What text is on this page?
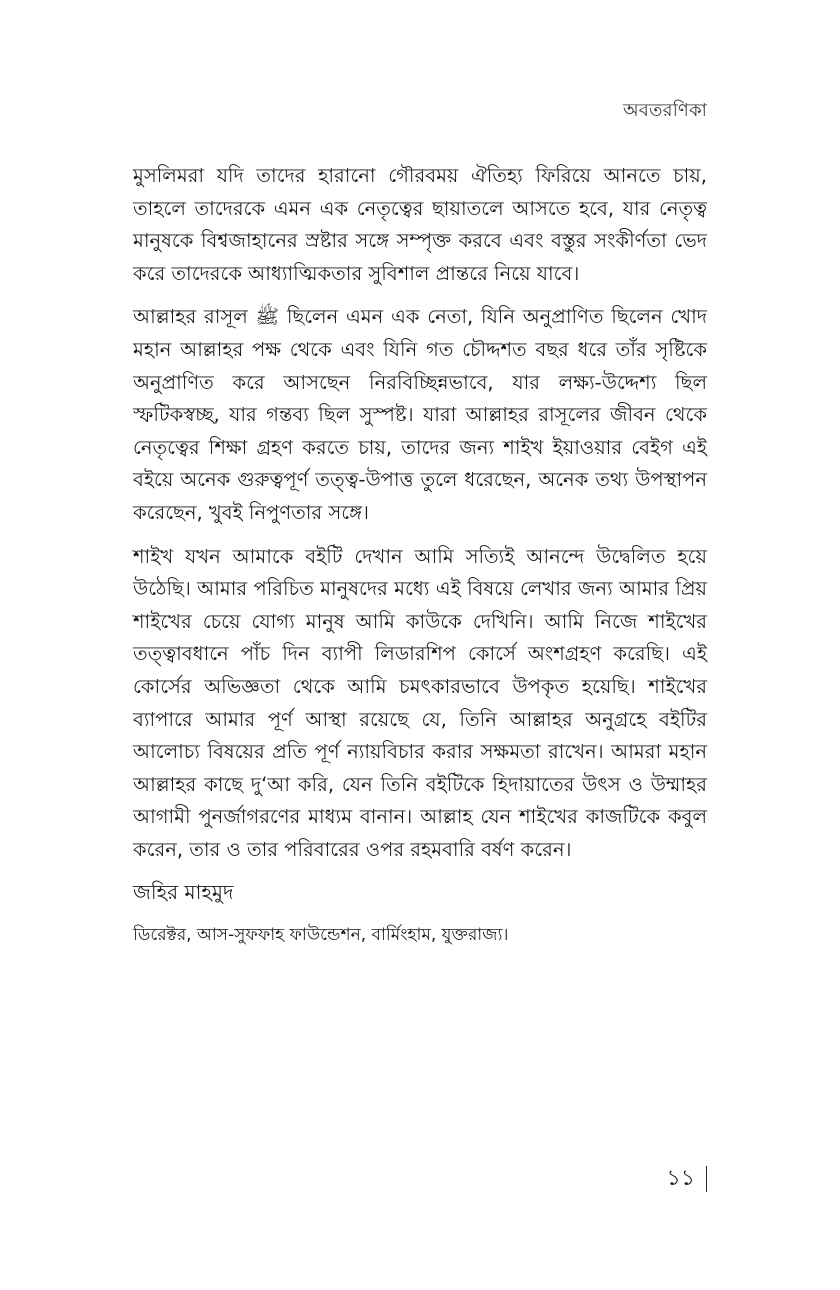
অবতরণিকা

মুসলিমরা যদি তাদের হারানো গৌরবময় ঐতিহ্য ফিরিয়ে আনতে চায়, তাহলে তাদেরকে এমন এক নেতৃত্বের ছায়াতলে আসতে হবে, যার নেতৃত্ব মানুষকে বিশ্বজাহানের স্রষ্টার সঙ্গে সম্পৃক্ত করবে এবং বস্তুর সংকীর্ণতা ভেদ করে তাদেরকে আধ্যাত্মিকতার সুবিশাল প্রান্তরে নিয়ে যাবে।

আল্লাহর রাসূল ﷺ ছিলেন এমন এক নেতা, যিনি অনুপ্রাণিত ছিলেন খোদ মহান আল্লাহর পক্ষ থেকে এবং যিনি গত চৌদ্দশত বছর ধরে তাঁর সৃষ্টিকে অনুপ্রাণিত করে আসছেন নিরবিচ্ছিন্নভাবে, যার লক্ষ্য-উদ্দেশ্য ছিল স্ফটিকস্বচ্ছ, যার গন্তব্য ছিল সুস্পষ্ট। যারা আল্লাহর রাসূলের জীবন থেকে নেতৃত্বের শিক্ষা গ্রহণ করতে চায়, তাদের জন্য শাইখ ইয়াওয়ার বেইগ এই বইয়ে অনেক গুরুত্বপূর্ণ তত্ত্ব-উপাত্ত তুলে ধরেছেন, অনেক তথ্য উপস্থাপন করেছেন, খুবই নিপুণতার সঙ্গে।

শাইখ যখন আমাকে বইটি দেখান আমি সত্যিই আনন্দে উদ্বেলিত হয়ে উঠেছি। আমার পরিচিত মানুষদের মধ্যে এই বিষয়ে লেখার জন্য আমার প্রিয় শাইখের চেয়ে যোগ্য মানুষ আমি কাউকে দেখিনি। আমি নিজে শাইখের তত্ত্বাবধানে পাঁচ দিন ব্যাপী লিডারশিপ কোর্সে অংশগ্রহণ করেছি। এই কোর্সের অভিজ্ঞতা থেকে আমি চমৎকারভাবে উপকৃত হয়েছি। শাইখের ব্যাপারে আমার পূর্ণ আস্থা রয়েছে যে, তিনি আল্লাহর অনুগ্রহে বইটির আলোচ্য বিষয়ের প্রতি পূর্ণ ন্যায়বিচার করার সক্ষমতা রাখেন। আমরা মহান আল্লাহর কাছে দু‘আ করি, যেন তিনি বইটিকে হিদায়াতের উৎস ও উম্মাহর আগামী পুনর্জাগরণের মাধ্যম বানান। আল্লাহ যেন শাইখের কাজটিকে কবুল করেন, তার ও তার পরিবারের ওপর রহমবারি বর্ষণ করেন।

জহির মাহমুদ

ডিরেক্টর, আস-সুফফাহ ফাউন্ডেশন, বার্মিংহাম, যুক্তরাজ্য।

১১
